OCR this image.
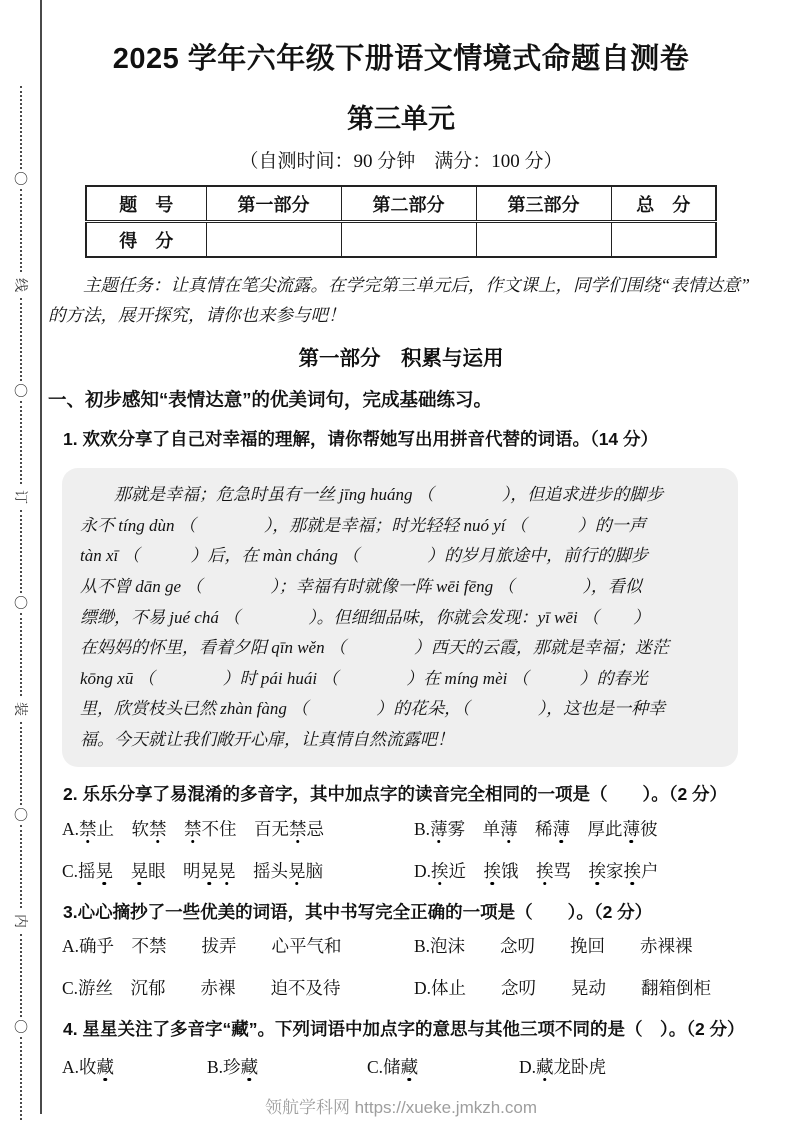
〇
线
〇
订
〇
装
〇
内
〇
2025 学年六年级下册语文情境式命题自测卷
第三单元
（自测时间：90 分钟　满分：100 分）
题　号	第一部分	第二部分	第三部分	总　分
得　分				

主题任务：让真情在笔尖流露。在学完第三单元后，作文课上，同学们围绕“表情达意”的方法，展开探究，请你也来参与吧！

第一部分　积累与运用
一、初步感知“表情达意”的优美词句，完成基础练习。
1. 欢欢分享了自己对幸福的理解，请你帮她写出用拼音代替的词语。（14 分）
　　那就是幸福；危急时虽有一丝 jīng huáng （　　　　），但追求进步的脚步
永不 tíng dùn （　　　　），那就是幸福；时光轻轻 nuó yí （　　　）的一声
tàn xī （　　　）后，在 màn cháng （　　　　）的岁月旅途中，前行的脚步
从不曾 dān ge （　　　　）；幸福有时就像一阵 wēi fēng （　　　　），看似
缥缈，不易 jué chá （　　　　）。但细细品味，你就会发现：yī wēi （　　）
在妈妈的怀里，看着夕阳 qīn wěn （　　　　）西天的云霞，那就是幸福；迷茫
kōng xū （　　　　）时 pái huái （　　　　）在 míng mèi （　　　）的春光
里，欣赏枝头已然 zhàn fàng （　　　　）的花朵，（　　　　），这也是一种幸
福。今天就让我们敞开心扉，让真情自然流露吧！
2. 乐乐分享了易混淆的多音字，其中加点字的读音完全相同的一项是（　　）。（2 分）
A.禁止　软禁　 禁不住　百无禁忌	B.薄雾　单薄　稀薄　厚此薄彼
C.摇晃　 晃眼　明晃晃　摇头晃脑	D.挨近　挨饿　挨骂　挨家挨户
3.心心摘抄了一些优美的词语，其中书写完全正确的一项是（　　）。（2 分）
A.确乎　不禁　　拔弄　　心平气和	B.泡沫　　念叨　　挽回　　赤裸裸
C.游丝　沉郁　　赤裸　　迫不及待	D.体止　　念叨　　晃动　　翻箱倒柜
4. 星星关注了多音字“藏”。下列词语中加点字的意思与其他三项不同的是（　）。（2 分）
A.收藏	B.珍藏	C.储藏	D.藏龙卧虎
领航学科网 https://xueke.jmkzh.com
